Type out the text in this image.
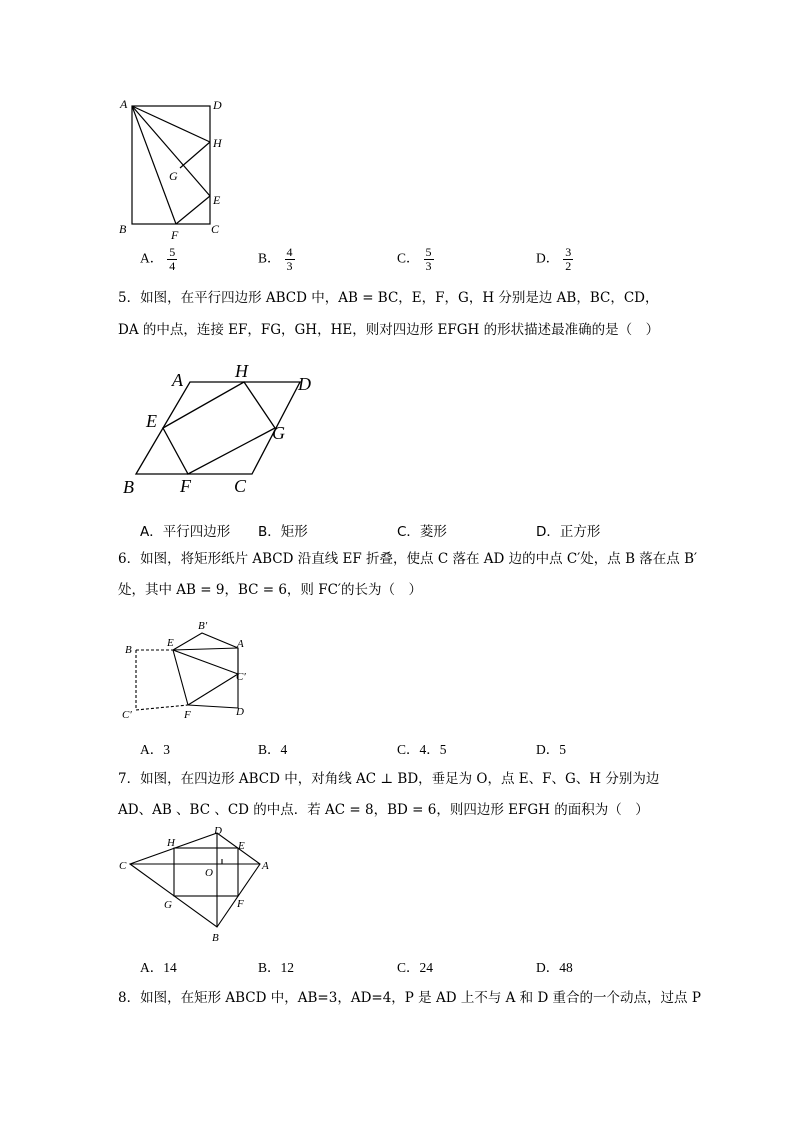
A	D
H
G
E
B	F	C
A． $\frac{5}{4}$	B． $\frac{4}{3}$	C． $\frac{5}{3}$	D． $\frac{3}{2}$
5．如图，在平行四边形 ABCD 中，AB = BC，E，F，G，H 分别是边 AB，BC，CD，
DA 的中点，连接 EF，FG，GH，HE，则对四边形 EFGH 的形状描述最准确的是（　）
A	H
D
E
G
B	F C
A．平行四边形 B．矩形	C．菱形	D．正方形
6．如图，将矩形纸片 ABCD 沿直线 EF 折叠，使点 C 落在 AD 边的中点 C′处，点 B 落在点 B′
处，其中 AB = 9，BC = 6，则 FC′的长为（　）
B
E
B′
A
C′
C′	F	D
A．3	B．4	C．4．5	D．5
7．如图，在四边形 ABCD 中，对角线 AC ⊥ BD，垂足为 O，点 E、F、G、H 分别为边
AD、AB 、BC 、CD 的中点．若 AC = 8，BD = 6，则四边形 EFGH 的面积为（　）
C
H
D
E
A
O
G	F
B
A．14	B．12	C．24	D．48
8．如图，在矩形 ABCD 中，AB=3，AD=4，P 是 AD 上不与 A 和 D 重合的一个动点，过点 P
